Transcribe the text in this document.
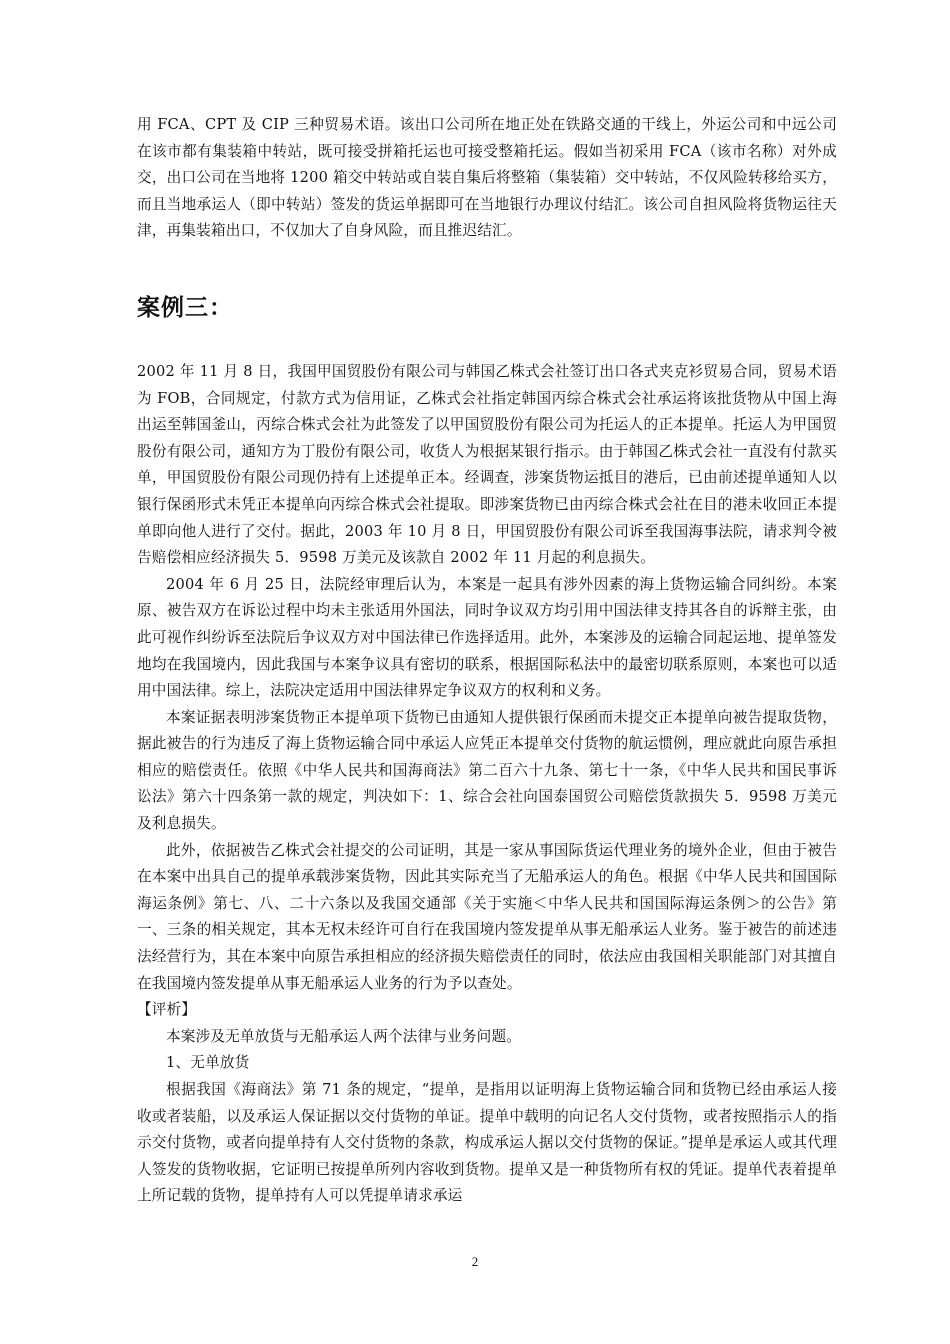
用 FCA、CPT 及 CIP 三种贸易术语。该出口公司所在地正处在铁路交通的干线上，外运公司和中远公司在该市都有集装箱中转站，既可接受拼箱托运也可接受整箱托运。假如当初采用 FCA（该市名称）对外成交，出口公司在当地将 1200 箱交中转站或自装自集后将整箱（集装箱）交中转站，不仅风险转移给买方，而且当地承运人（即中转站）签发的货运单据即可在当地银行办理议付结汇。该公司自担风险将货物运往天津，再集装箱出口，不仅加大了自身风险，而且推迟结汇。

案例三：

2002 年 11 月 8 日，我国甲国贸股份有限公司与韩国乙株式会社签订出口各式夹克衫贸易合同，贸易术语为 FOB，合同规定，付款方式为信用证，乙株式会社指定韩国丙综合株式会社承运将该批货物从中国上海出运至韩国釜山，丙综合株式会社为此签发了以甲国贸股份有限公司为托运人的正本提单。托运人为甲国贸股份有限公司，通知方为丁股份有限公司，收货人为根据某银行指示。由于韩国乙株式会社一直没有付款买单，甲国贸股份有限公司现仍持有上述提单正本。经调查，涉案货物运抵目的港后，已由前述提单通知人以银行保函形式未凭正本提单向丙综合株式会社提取。即涉案货物已由丙综合株式会社在目的港未收回正本提单即向他人进行了交付。据此，2003 年 10 月 8 日，甲国贸股份有限公司诉至我国海事法院，请求判令被告赔偿相应经济损失 5．9598 万美元及该款自 2002 年 11 月起的利息损失。

2004 年 6 月 25 日，法院经审理后认为，本案是一起具有涉外因素的海上货物运输合同纠纷。本案原、被告双方在诉讼过程中均未主张适用外国法，同时争议双方均引用中国法律支持其各自的诉辩主张，由此可视作纠纷诉至法院后争议双方对中国法律已作选择适用。此外，本案涉及的运输合同起运地、提单签发地均在我国境内，因此我国与本案争议具有密切的联系，根据国际私法中的最密切联系原则，本案也可以适用中国法律。综上，法院决定适用中国法律界定争议双方的权利和义务。

本案证据表明涉案货物正本提单项下货物已由通知人提供银行保函而未提交正本提单向被告提取货物，据此被告的行为违反了海上货物运输合同中承运人应凭正本提单交付货物的航运惯例，理应就此向原告承担相应的赔偿责任。依照《中华人民共和国海商法》第二百六十九条、第七十一条，《中华人民共和国民事诉讼法》第六十四条第一款的规定，判决如下：1、综合会社向国泰国贸公司赔偿货款损失 5．9598 万美元及利息损失。

此外，依据被告乙株式会社提交的公司证明，其是一家从事国际货运代理业务的境外企业，但由于被告在本案中出具自己的提单承载涉案货物，因此其实际充当了无船承运人的角色。根据《中华人民共和国国际海运条例》第七、八、二十六条以及我国交通部《关于实施＜中华人民共和国国际海运条例＞的公告》第一、三条的相关规定，其本无权未经许可自行在我国境内签发提单从事无船承运人业务。鉴于被告的前述违法经营行为，其在本案中向原告承担相应的经济损失赔偿责任的同时，依法应由我国相关职能部门对其擅自在我国境内签发提单从事无船承运人业务的行为予以查处。

【评析】

本案涉及无单放货与无船承运人两个法律与业务问题。

1、无单放货

根据我国《海商法》第 71 条的规定，“提单，是指用以证明海上货物运输合同和货物已经由承运人接收或者装船，以及承运人保证据以交付货物的单证。提单中载明的向记名人交付货物，或者按照指示人的指示交付货物，或者向提单持有人交付货物的条款，构成承运人据以交付货物的保证。”提单是承运人或其代理人签发的货物收据，它证明已按提单所列内容收到货物。提单又是一种货物所有权的凭证。提单代表着提单上所记载的货物，提单持有人可以凭提单请求承运

2
